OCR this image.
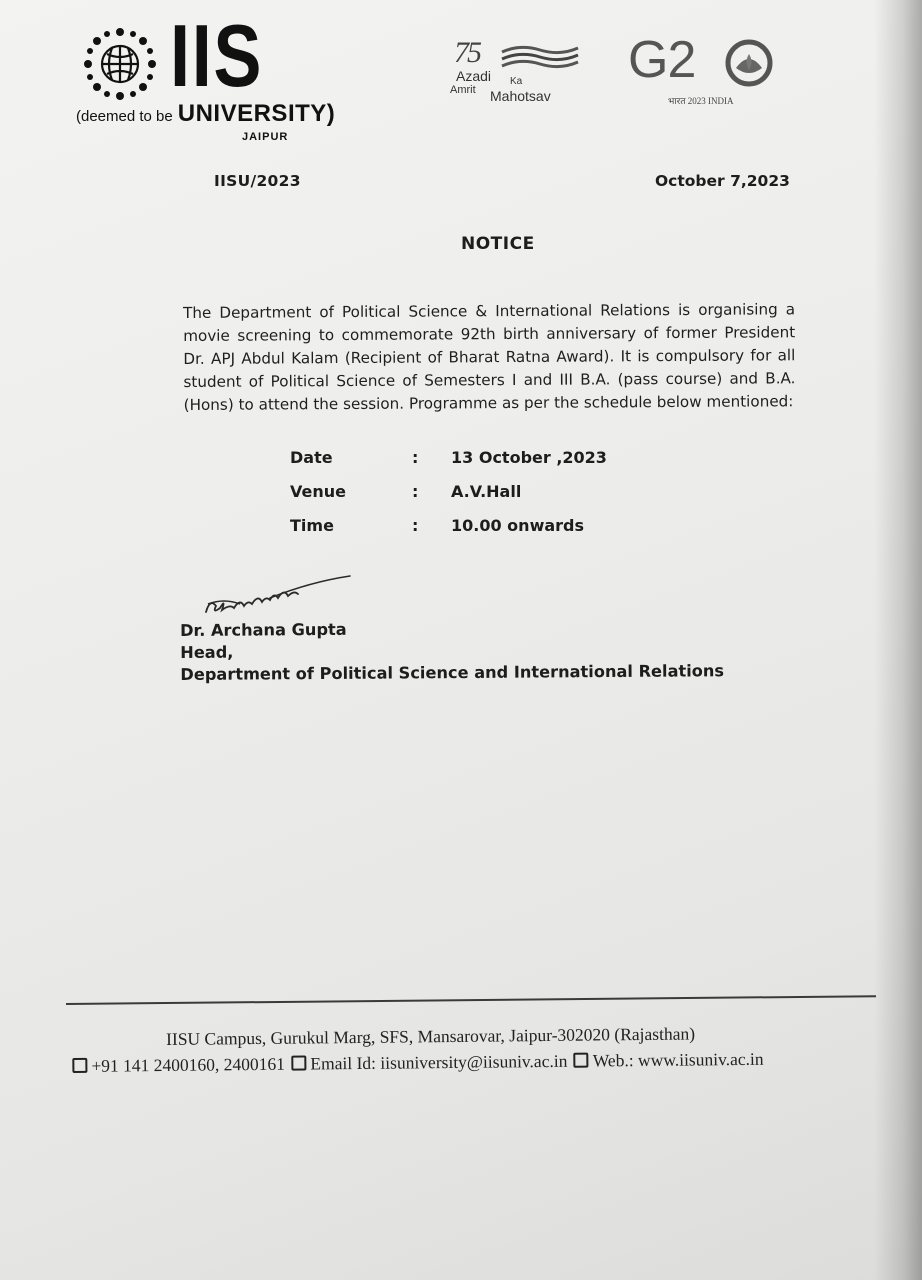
IIS
(deemed to be UNIVERSITY)
JAIPUR
75
Azadi Ka
Amrit Mahotsav
G2
भारत 2023 INDIA
IISU/2023	October 7,2023
NOTICE
The Department of Political Science & International Relations is organising a movie screening to commemorate 92th birth anniversary of former President Dr. APJ Abdul Kalam (Recipient of Bharat Ratna Award). It is compulsory for all student of Political Science of Semesters I and III B.A. (pass course) and B.A. (Hons) to attend the session. Programme as per the schedule below mentioned:
Date	: 13 October ,2023
Venue	: A.V.Hall
Time	: 10.00 onwards
Dr. Archana Gupta
Head,
Department of Political Science and International Relations
IISU Campus, Gurukul Marg, SFS, Mansarovar, Jaipur-302020 (Rajasthan)
+91 141 2400160, 2400161 Email Id: iisuniversity@iisuniv.ac.in Web.: www.iisuniv.ac.in
